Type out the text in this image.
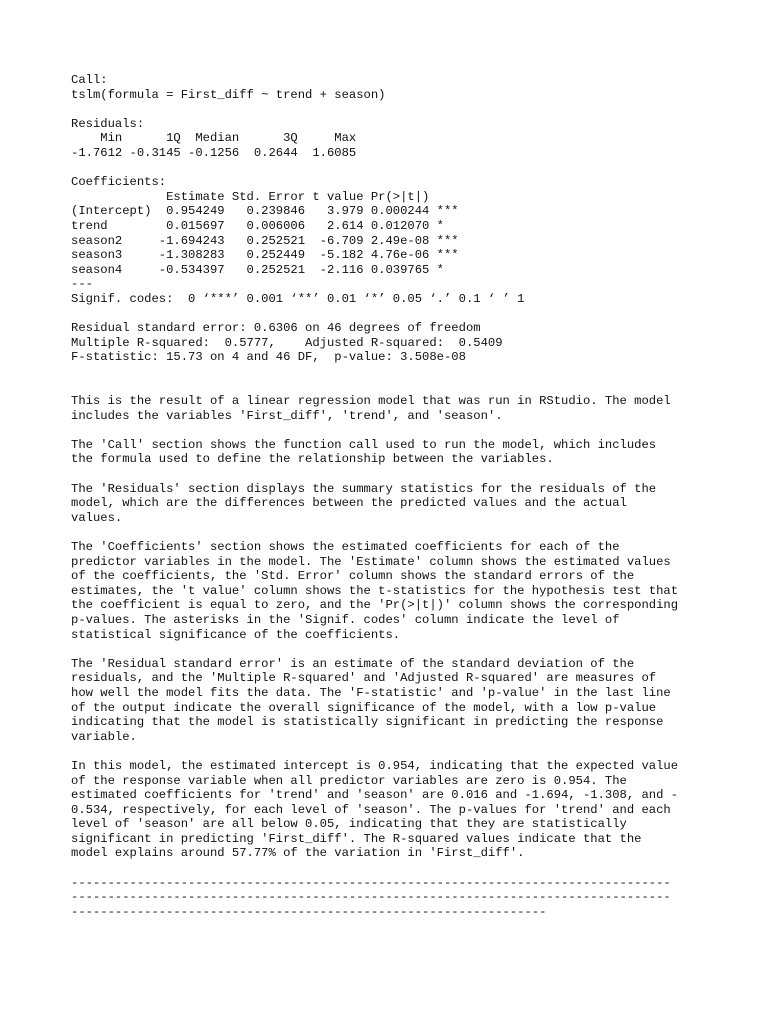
Call:
tslm(formula = First_diff ~ trend + season)
Residuals:
Min      1Q  Median      3Q     Max
-1.7612 -0.3145 -0.1256  0.2644  1.6085
Coefficients:
Estimate Std. Error t value Pr(>|t|)
(Intercept)  0.954249   0.239846   3.979 0.000244 ***
trend        0.015697   0.006006   2.614 0.012070 *
season2     -1.694243   0.252521  -6.709 2.49e-08 ***
season3     -1.308283   0.252449  -5.182 4.76e-06 ***
season4     -0.534397   0.252521  -2.116 0.039765 *
---
Signif. codes:  0 ‘***’ 0.001 ‘**’ 0.01 ‘*’ 0.05 ‘.’ 0.1 ‘ ’ 1
Residual standard error: 0.6306 on 46 degrees of freedom
Multiple R-squared:  0.5777,	Adjusted R-squared:  0.5409
F-statistic: 15.73 on 4 and 46 DF,  p-value: 3.508e-08

This is the result of a linear regression model that was run in RStudio. The model
includes the variables 'First_diff', 'trend', and 'season'.

The 'Call' section shows the function call used to run the model, which includes
the formula used to define the relationship between the variables.

The 'Residuals' section displays the summary statistics for the residuals of the
model, which are the differences between the predicted values and the actual
values.

The 'Coefficients' section shows the estimated coefficients for each of the
predictor variables in the model. The 'Estimate' column shows the estimated values
of the coefficients, the 'Std. Error' column shows the standard errors of the
estimates, the 't value' column shows the t-statistics for the hypothesis test that
the coefficient is equal to zero, and the 'Pr(>|t|)' column shows the corresponding
p-values. The asterisks in the 'Signif. codes' column indicate the level of
statistical significance of the coefficients.

The 'Residual standard error' is an estimate of the standard deviation of the
residuals, and the 'Multiple R-squared' and 'Adjusted R-squared' are measures of
how well the model fits the data. The 'F-statistic' and 'p-value' in the last line
of the output indicate the overall significance of the model, with a low p-value
indicating that the model is statistically significant in predicting the response
variable.

In this model, the estimated intercept is 0.954, indicating that the expected value
of the response variable when all predictor variables are zero is 0.954. The
estimated coefficients for 'trend' and 'season' are 0.016 and -1.694, -1.308, and -
0.534, respectively, for each level of 'season'. The p-values for 'trend' and each
level of 'season' are all below 0.05, indicating that they are statistically
significant in predicting 'First_diff'. The R-squared values indicate that the
model explains around 57.77% of the variation in 'First_diff'.

----------------------------------------------------------------------------------

----------------------------------------------------------------------------------

-----------------------------------------------------------------
